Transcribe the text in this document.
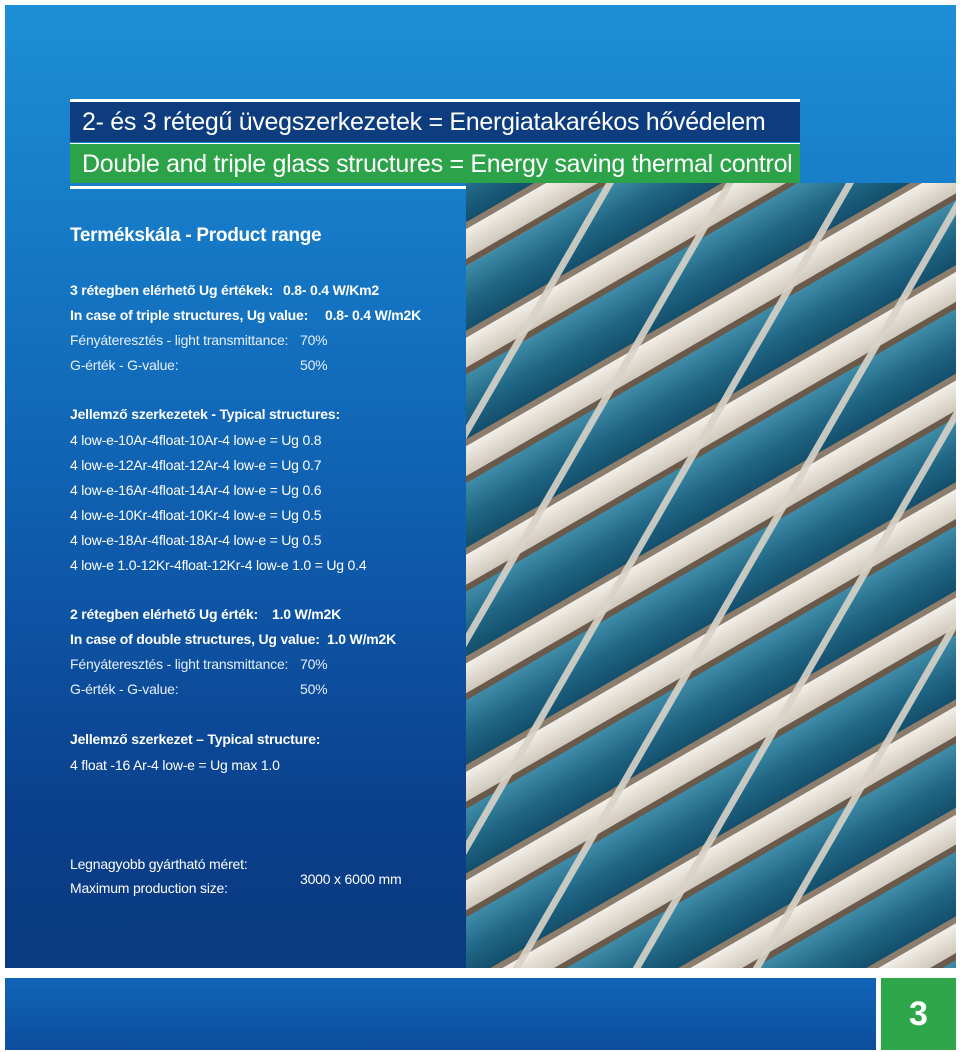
2- és 3 rétegű üvegszerkezetek = Energiatakarékos hővédelem
Double and triple glass structures = Energy saving thermal control
Termékskála - Product range
3 rétegben elérhető Ug értékek: 0.8- 0.4 W/Km2
In case of triple structures, Ug value: 0.8- 0.4 W/m2K
Fényáteresztés - light transmittance: 70%
G-érték - G-value:	50%
Jellemző szerkezetek - Typical structures:
4 low-e-10Ar-4float-10Ar-4 low-e = Ug 0.8
4 low-e-12Ar-4float-12Ar-4 low-e = Ug 0.7
4 low-e-16Ar-4float-14Ar-4 low-e = Ug 0.6
4 low-e-10Kr-4float-10Kr-4 low-e = Ug 0.5
4 low-e-18Ar-4float-18Ar-4 low-e = Ug 0.5
4 low-e 1.0-12Kr-4float-12Kr-4 low-e 1.0 = Ug 0.4
2 rétegben elérhető Ug érték: 1.0 W/m2K
In case of double structures, Ug value: 1.0 W/m2K
Fényáteresztés - light transmittance: 70%
G-érték - G-value:	50%
Jellemző szerkezet – Typical structure:
4 float -16 Ar-4 low-e = Ug max 1.0
Legnagyobb gyártható méret:
Maximum production size:
3000 x 6000 mm
3
